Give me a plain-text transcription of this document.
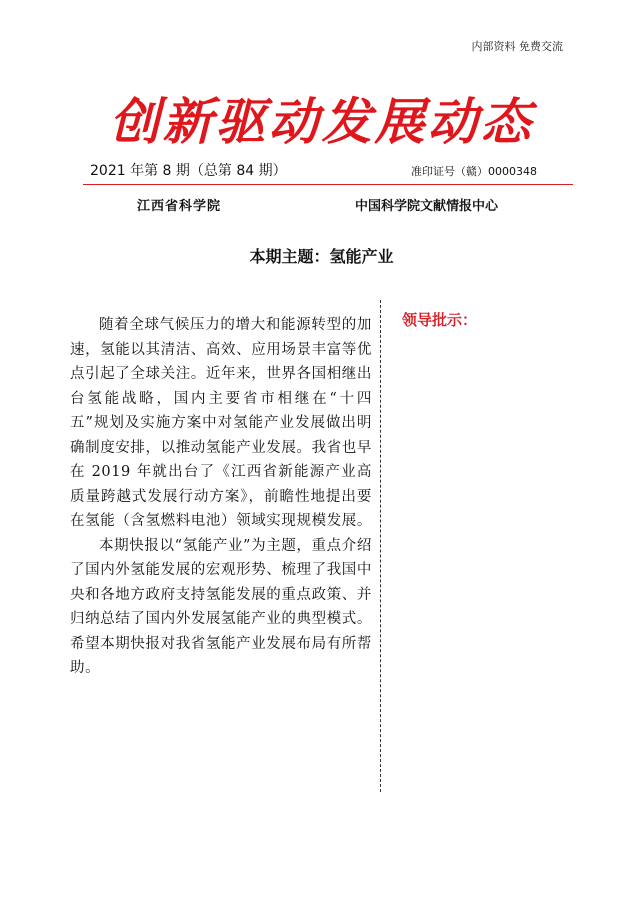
内部资料 免费交流
创新驱动发展动态
2021 年第 8 期（总第 84 期）	准印证号（赣）0000348
江西省科学院	中国科学院文献情报中心
本期主题：氢能产业

随着全球气候压力的增大和能源转型的加速，氢能以其清洁、高效、应用场景丰富等优点引起了全球关注。近年来，世界各国相继出台氢能战略，国内主要省市相继在“十四五”规划及实施方案中对氢能产业发展做出明确制度安排，以推动氢能产业发展。我省也早在 2019 年就出台了《江西省新能源产业高质量跨越式发展行动方案》，前瞻性地提出要在氢能（含氢燃料电池）领域实现规模发展。

本期快报以“氢能产业”为主题，重点介绍了国内外氢能发展的宏观形势、梳理了我国中央和各地方政府支持氢能发展的重点政策、并归纳总结了国内外发展氢能产业的典型模式。希望本期快报对我省氢能产业发展布局有所帮助。

领导批示：
